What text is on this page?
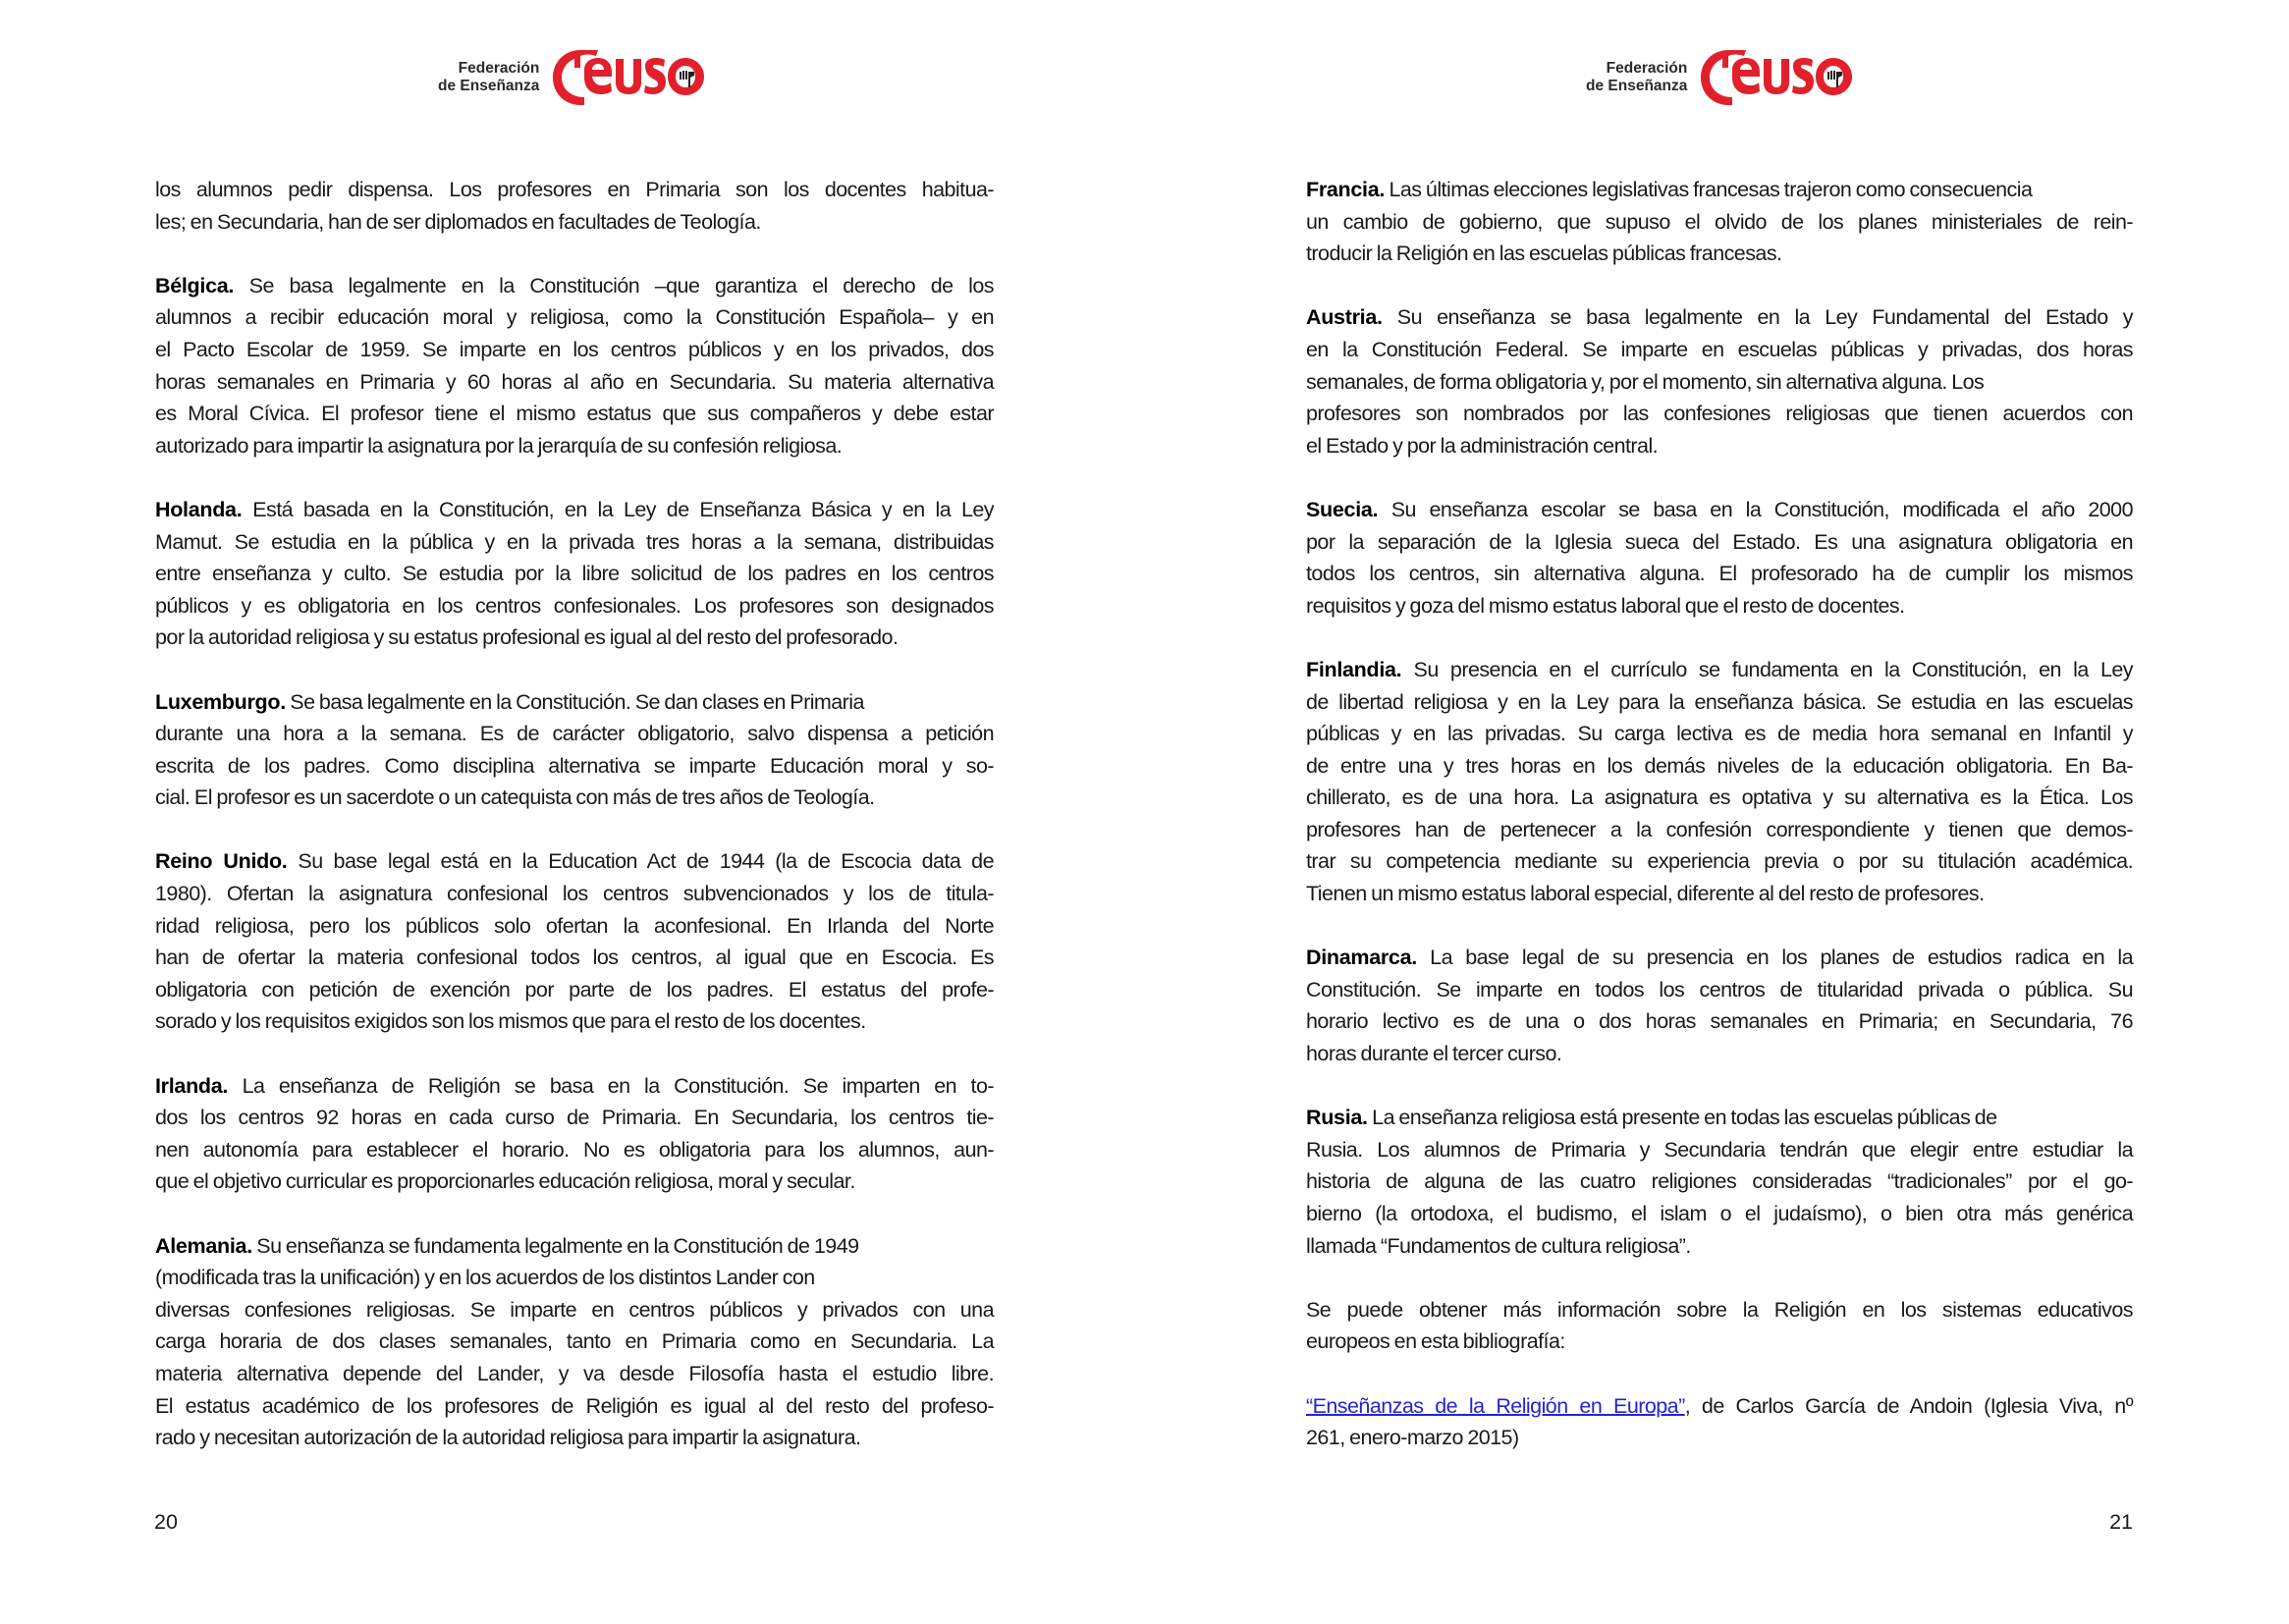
Federación
de Enseñanza
los alumnos pedir dispensa. Los profesores en Primaria son los docentes habitua-
les; en Secundaria, han de ser diplomados en facultades de Teología.
Bélgica. Se basa legalmente en la Constitución –que garantiza el derecho de los
alumnos a recibir educación moral y religiosa, como la Constitución Española– y en
el Pacto Escolar de 1959. Se imparte en los centros públicos y en los privados, dos
horas semanales en Primaria y 60 horas al año en Secundaria. Su materia alternativa
es Moral Cívica. El profesor tiene el mismo estatus que sus compañeros y debe estar
autorizado para impartir la asignatura por la jerarquía de su confesión religiosa.
Holanda. Está basada en la Constitución, en la Ley de Enseñanza Básica y en la Ley
Mamut. Se estudia en la pública y en la privada tres horas a la semana, distribuidas
entre enseñanza y culto. Se estudia por la libre solicitud de los padres en los centros
públicos y es obligatoria en los centros confesionales. Los profesores son designados
por la autoridad religiosa y su estatus profesional es igual al del resto del profesorado.
Luxemburgo. Se basa legalmente en la Constitución. Se dan clases en Primaria
durante una hora a la semana. Es de carácter obligatorio, salvo dispensa a petición
escrita de los padres. Como disciplina alternativa se imparte Educación moral y so-
cial. El profesor es un sacerdote o un catequista con más de tres años de Teología.
Reino Unido. Su base legal está en la Education Act de 1944 (la de Escocia data de
1980). Ofertan la asignatura confesional los centros subvencionados y los de titula-
ridad religiosa, pero los públicos solo ofertan la aconfesional. En Irlanda del Norte
han de ofertar la materia confesional todos los centros, al igual que en Escocia. Es
obligatoria con petición de exención por parte de los padres. El estatus del profe-
sorado y los requisitos exigidos son los mismos que para el resto de los docentes.
Irlanda. La enseñanza de Religión se basa en la Constitución. Se imparten en to-
dos los centros 92 horas en cada curso de Primaria. En Secundaria, los centros tie-
nen autonomía para establecer el horario. No es obligatoria para los alumnos, aun-
que el objetivo curricular es proporcionarles educación religiosa, moral y secular.
Alemania. Su enseñanza se fundamenta legalmente en la Constitución de 1949
(modificada tras la unificación) y en los acuerdos de los distintos Lander con
diversas confesiones religiosas. Se imparte en centros públicos y privados con una
carga horaria de dos clases semanales, tanto en Primaria como en Secundaria. La
materia alternativa depende del Lander, y va desde Filosofía hasta el estudio libre.
El estatus académico de los profesores de Religión es igual al del resto del profeso-
rado y necesitan autorización de la autoridad religiosa para impartir la asignatura.
20
Federación
de Enseñanza
Francia. Las últimas elecciones legislativas francesas trajeron como consecuencia
un cambio de gobierno, que supuso el olvido de los planes ministeriales de rein-
troducir la Religión en las escuelas públicas francesas.
Austria. Su enseñanza se basa legalmente en la Ley Fundamental del Estado y
en la Constitución Federal. Se imparte en escuelas públicas y privadas, dos horas
semanales, de forma obligatoria y, por el momento, sin alternativa alguna. Los
profesores son nombrados por las confesiones religiosas que tienen acuerdos con
el Estado y por la administración central.
Suecia. Su enseñanza escolar se basa en la Constitución, modificada el año 2000
por la separación de la Iglesia sueca del Estado. Es una asignatura obligatoria en
todos los centros, sin alternativa alguna. El profesorado ha de cumplir los mismos
requisitos y goza del mismo estatus laboral que el resto de docentes.
Finlandia. Su presencia en el currículo se fundamenta en la Constitución, en la Ley
de libertad religiosa y en la Ley para la enseñanza básica. Se estudia en las escuelas
públicas y en las privadas. Su carga lectiva es de media hora semanal en Infantil y
de entre una y tres horas en los demás niveles de la educación obligatoria. En Ba-
chillerato, es de una hora. La asignatura es optativa y su alternativa es la Ética. Los
profesores han de pertenecer a la confesión correspondiente y tienen que demos-
trar su competencia mediante su experiencia previa o por su titulación académica.
Tienen un mismo estatus laboral especial, diferente al del resto de profesores.
Dinamarca. La base legal de su presencia en los planes de estudios radica en la
Constitución. Se imparte en todos los centros de titularidad privada o pública. Su
horario lectivo es de una o dos horas semanales en Primaria; en Secundaria, 76
horas durante el tercer curso.
Rusia. La enseñanza religiosa está presente en todas las escuelas públicas de
Rusia. Los alumnos de Primaria y Secundaria tendrán que elegir entre estudiar la
historia de alguna de las cuatro religiones consideradas “tradicionales” por el go-
bierno (la ortodoxa, el budismo, el islam o el judaísmo), o bien otra más genérica
llamada “Fundamentos de cultura religiosa”.
Se puede obtener más información sobre la Religión en los sistemas educativos
europeos en esta bibliografía:
“Enseñanzas de la Religión en Europa”, de Carlos García de Andoin (Iglesia Viva, nº
261, enero-marzo 2015)
21
